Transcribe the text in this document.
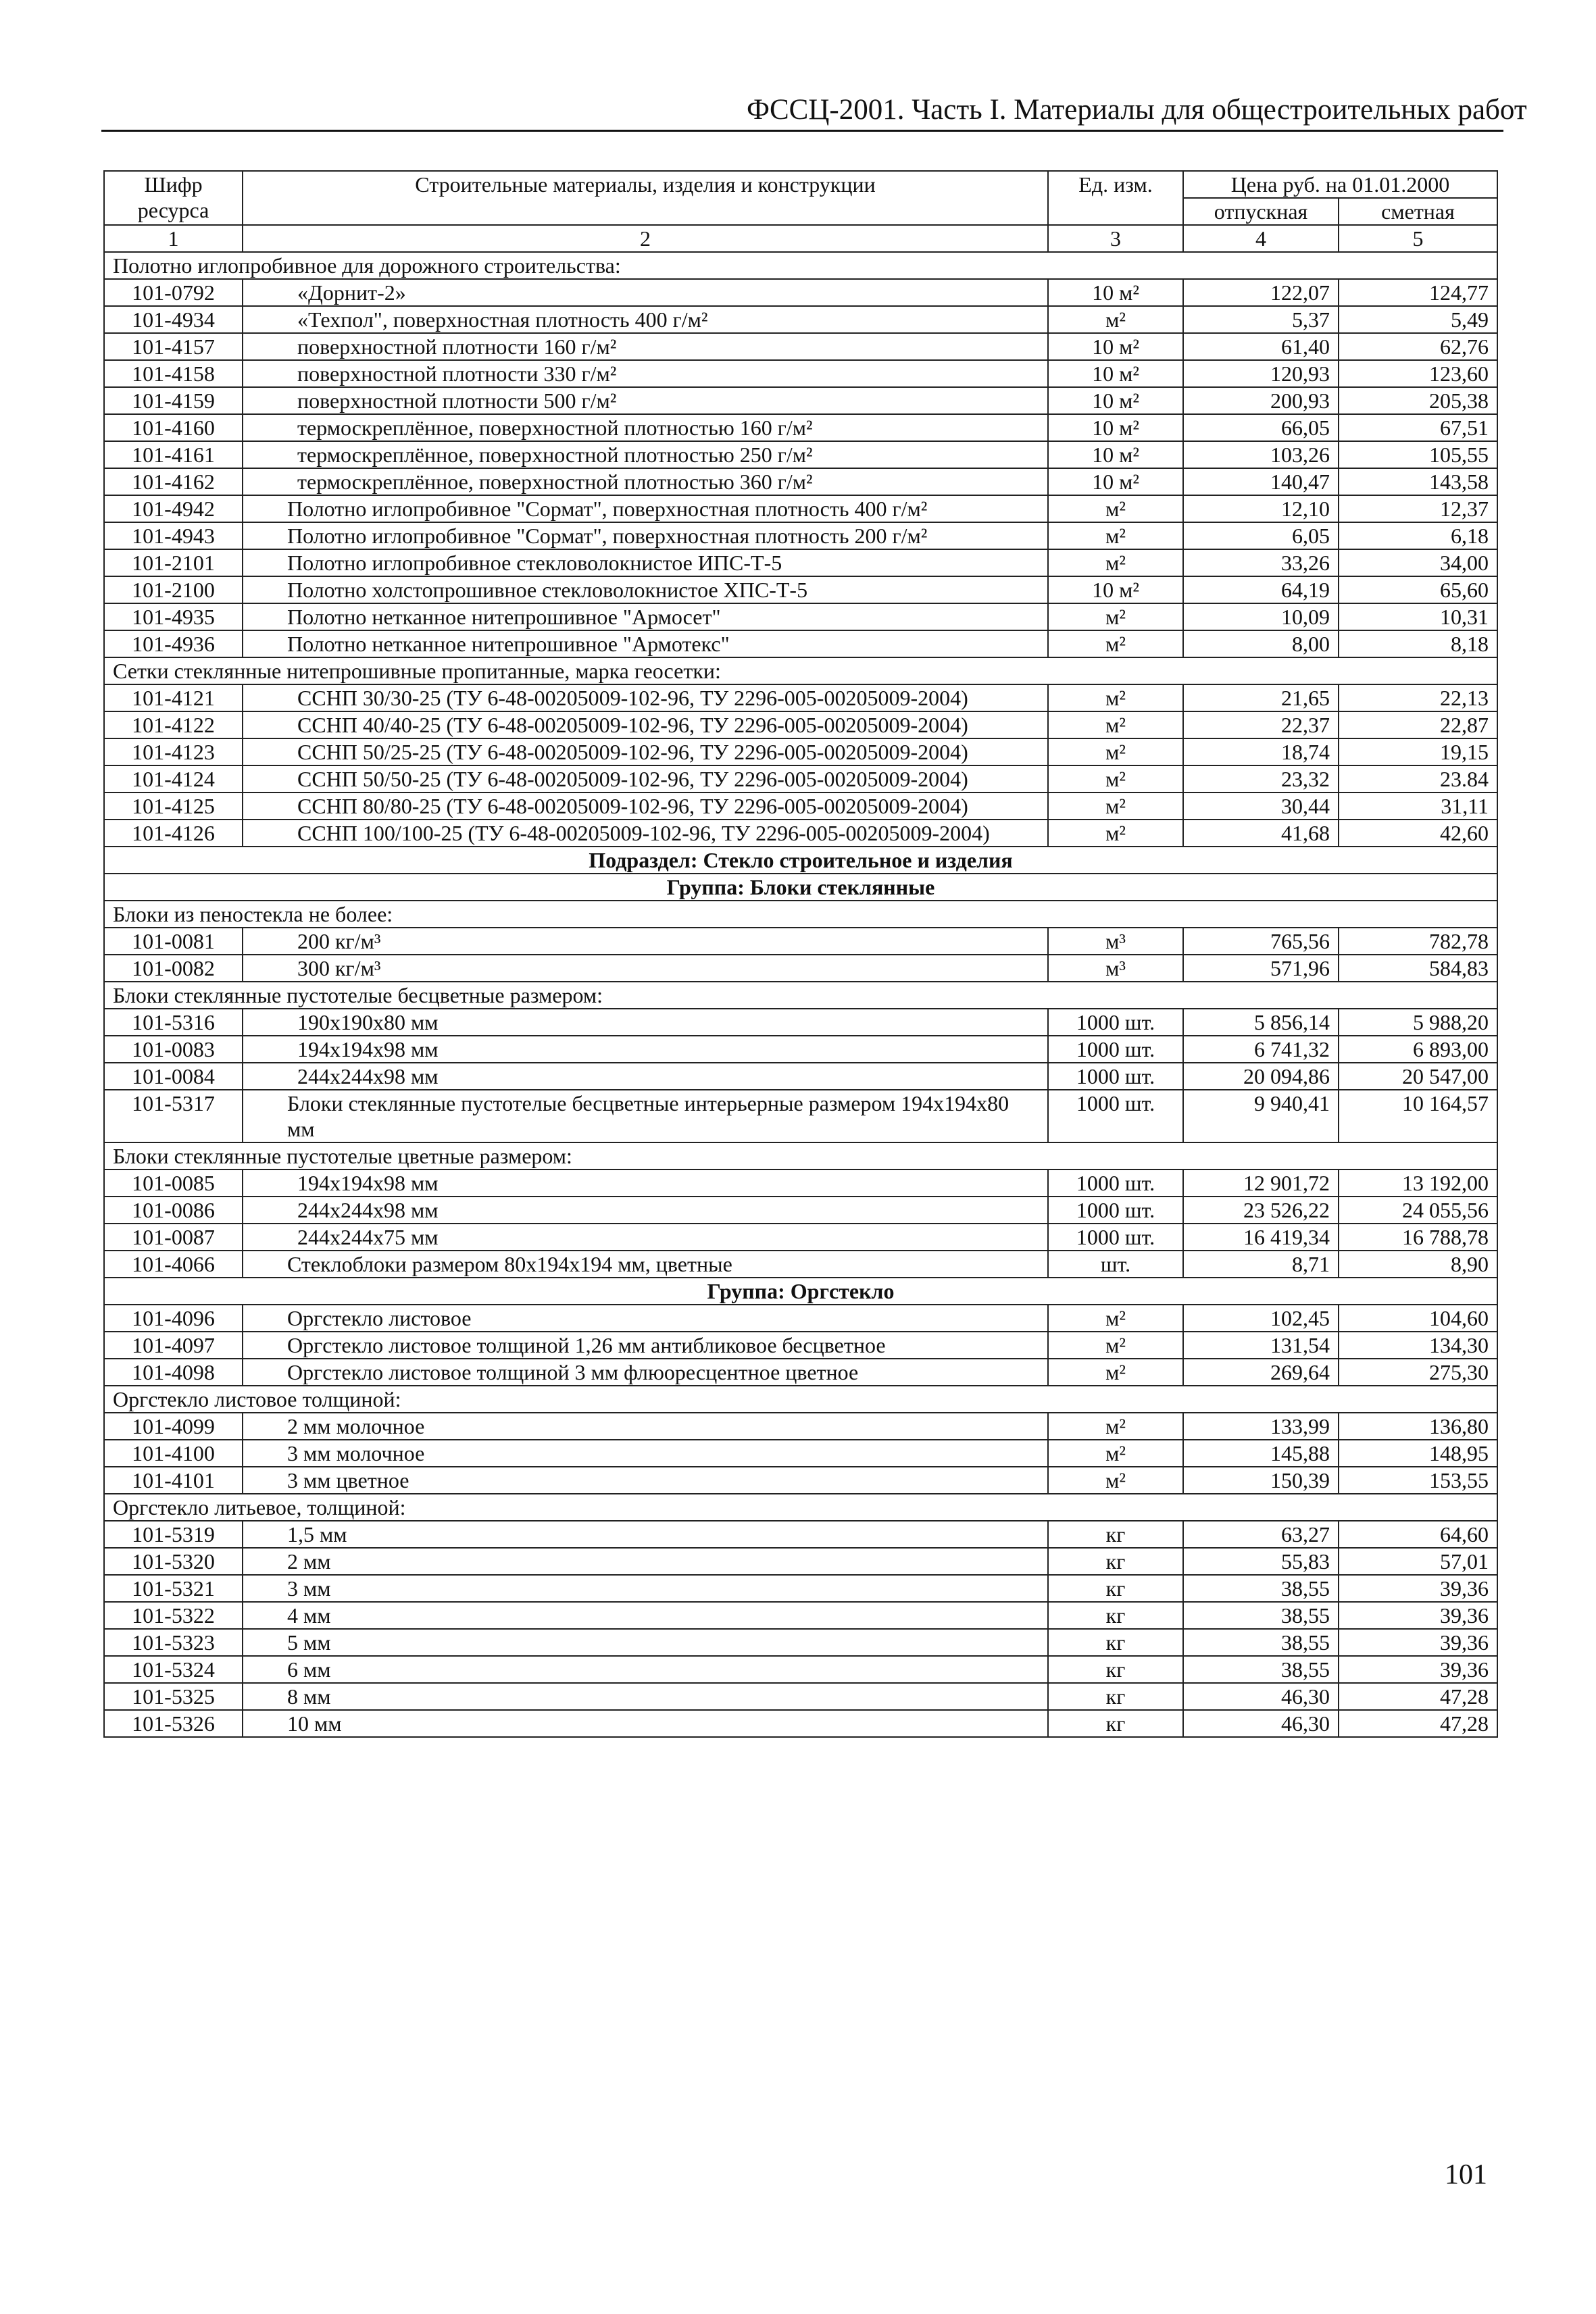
ФССЦ-2001. Часть I. Материалы для общестроительных работ
Шифр ресурса	Строительные материалы, изделия и конструкции	Ед. изм.	Цена руб. на 01.01.2000	
			отпускная	сметная
1	2	3	4	5
Полотно иглопробивное для дорожного строительства:				
101-0792	«Дорнит-2»	10 м²	122,07	124,77
101-4934	«Техпол", поверхностная плотность 400 г/м²	м²	5,37	5,49
101-4157	поверхностной плотности 160 г/м²	10 м²	61,40	62,76
101-4158	поверхностной плотности 330 г/м²	10 м²	120,93	123,60
101-4159	поверхностной плотности 500 г/м²	10 м²	200,93	205,38
101-4160	термоскреплённое, поверхностной плотностью 160 г/м²	10 м²	66,05	67,51
101-4161	термоскреплённое, поверхностной плотностью 250 г/м²	10 м²	103,26	105,55
101-4162	термоскреплённое, поверхностной плотностью 360 г/м²	10 м²	140,47	143,58
101-4942	Полотно иглопробивное "Сормат", поверхностная плотность 400 г/м²	м²	12,10	12,37
101-4943	Полотно иглопробивное "Сормат", поверхностная плотность 200 г/м²	м²	6,05	6,18
101-2101	Полотно иглопробивное стекловолокнистое ИПС-Т-5	м²	33,26	34,00
101-2100	Полотно холстопрошивное стекловолокнистое ХПС-Т-5	10 м²	64,19	65,60
101-4935	Полотно нетканное нитепрошивное "Армосет"	м²	10,09	10,31
101-4936	Полотно нетканное нитепрошивное "Армотекс"	м²	8,00	8,18
Сетки стеклянные нитепрошивные пропитанные, марка геосетки:				
101-4121	ССНП 30/30-25 (ТУ 6-48-00205009-102-96, ТУ 2296-005-00205009-2004)	м²	21,65	22,13
101-4122	ССНП 40/40-25 (ТУ 6-48-00205009-102-96, ТУ 2296-005-00205009-2004)	м²	22,37	22,87
101-4123	ССНП 50/25-25 (ТУ 6-48-00205009-102-96, ТУ 2296-005-00205009-2004)	м²	18,74	19,15
101-4124	ССНП 50/50-25 (ТУ 6-48-00205009-102-96, ТУ 2296-005-00205009-2004)	м²	23,32	23.84
101-4125	ССНП 80/80-25 (ТУ 6-48-00205009-102-96, ТУ 2296-005-00205009-2004)	м²	30,44	31,11
101-4126	ССНП 100/100-25 (ТУ 6-48-00205009-102-96, ТУ 2296-005-00205009-2004)	м²	41,68	42,60
Подраздел: Стекло строительное и изделия				
Группа: Блоки стеклянные				
Блоки из пеностекла не более:				
101-0081	200 кг/м³	м³	765,56	782,78
101-0082	300 кг/м³	м³	571,96	584,83
Блоки стеклянные пустотелые бесцветные размером:				
101-5316	190х190х80 мм	1000 шт.	5 856,14	5 988,20
101-0083	194х194х98 мм	1000 шт.	6 741,32	6 893,00
101-0084	244х244х98 мм	1000 шт.	20 094,86	20 547,00
101-5317	Блоки стеклянные пустотелые бесцветные интерьерные размером 194х194х80 мм	1000 шт.	9 940,41	10 164,57
Блоки стеклянные пустотелые цветные размером:				
101-0085	194х194х98 мм	1000 шт.	12 901,72	13 192,00
101-0086	244х244х98 мм	1000 шт.	23 526,22	24 055,56
101-0087	244х244х75 мм	1000 шт.	16 419,34	16 788,78
101-4066	Стеклоблоки размером 80х194х194 мм, цветные	шт.	8,71	8,90
Группа: Оргстекло				
101-4096	Оргстекло листовое	м²	102,45	104,60
101-4097	Оргстекло листовое толщиной 1,26 мм антибликовое бесцветное	м²	131,54	134,30
101-4098	Оргстекло листовое толщиной 3 мм флюоресцентное цветное	м²	269,64	275,30
Оргстекло листовое толщиной:				
101-4099	2 мм молочное	м²	133,99	136,80
101-4100	3 мм молочное	м²	145,88	148,95
101-4101	3 мм цветное	м²	150,39	153,55
Оргстекло литьевое, толщиной:				
101-5319	1,5 мм	кг	63,27	64,60
101-5320	2 мм	кг	55,83	57,01
101-5321	3 мм	кг	38,55	39,36
101-5322	4 мм	кг	38,55	39,36
101-5323	5 мм	кг	38,55	39,36
101-5324	6 мм	кг	38,55	39,36
101-5325	8 мм	кг	46,30	47,28
101-5326	10 мм	кг	46,30	47,28
101
